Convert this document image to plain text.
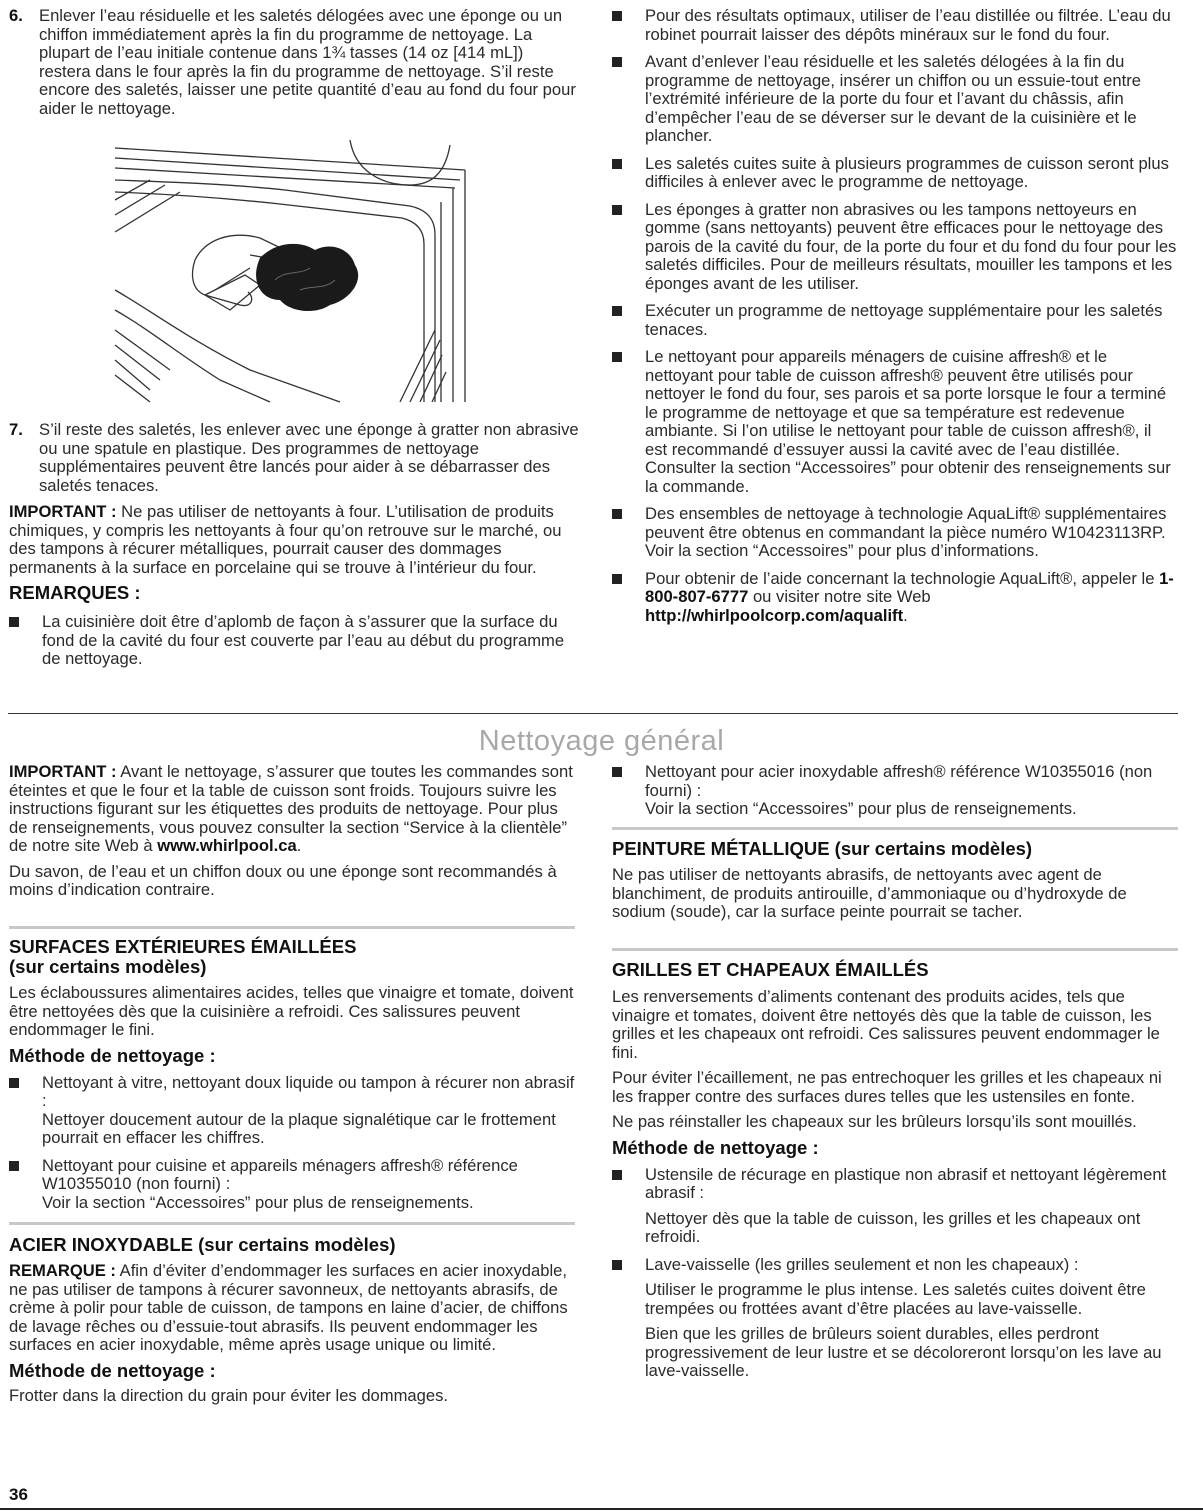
6. Enlever l’eau résiduelle et les saletés délogées avec une éponge ou un chiffon immédiatement après la fin du programme de nettoyage. La plupart de l’eau initiale contenue dans 1¾ tasses (14 oz [414 mL]) restera dans le four après la fin du programme de nettoyage. S’il reste encore des saletés, laisser une petite quantité d’eau au fond du four pour aider le nettoyage.

7. S’il reste des saletés, les enlever avec une éponge à gratter non abrasive ou une spatule en plastique. Des programmes de nettoyage supplémentaires peuvent être lancés pour aider à se débarrasser des saletés tenaces.

IMPORTANT : Ne pas utiliser de nettoyants à four. L’utilisation de produits chimiques, y compris les nettoyants à four qu’on retrouve sur le marché, ou des tampons à récurer métalliques, pourrait causer des dommages permanents à la surface en porcelaine qui se trouve à l’intérieur du four.

REMARQUES :

La cuisinière doit être d’aplomb de façon à s’assurer que la surface du fond de la cavité du four est couverte par l’eau au début du programme de nettoyage.

Pour des résultats optimaux, utiliser de l’eau distillée ou filtrée. L’eau du robinet pourrait laisser des dépôts minéraux sur le fond du four.

Avant d’enlever l’eau résiduelle et les saletés délogées à la fin du programme de nettoyage, insérer un chiffon ou un essuie-tout entre l’extrémité inférieure de la porte du four et l’avant du châssis, afin d’empêcher l’eau de se déverser sur le devant de la cuisinière et le plancher.

Les saletés cuites suite à plusieurs programmes de cuisson seront plus difficiles à enlever avec le programme de nettoyage.

Les éponges à gratter non abrasives ou les tampons nettoyeurs en gomme (sans nettoyants) peuvent être efficaces pour le nettoyage des parois de la cavité du four, de la porte du four et du fond du four pour les saletés difficiles. Pour de meilleurs résultats, mouiller les tampons et les éponges avant de les utiliser.

Exécuter un programme de nettoyage supplémentaire pour les saletés tenaces.

Le nettoyant pour appareils ménagers de cuisine affresh® et le nettoyant pour table de cuisson affresh® peuvent être utilisés pour nettoyer le fond du four, ses parois et sa porte lorsque le four a terminé le programme de nettoyage et que sa température est redevenue ambiante. Si l’on utilise le nettoyant pour table de cuisson affresh®, il est recommandé d’essuyer aussi la cavité avec de l’eau distillée. Consulter la section “Accessoires” pour obtenir des renseignements sur la commande.

Des ensembles de nettoyage à technologie AquaLift® supplémentaires peuvent être obtenus en commandant la pièce numéro W10423113RP. Voir la section “Accessoires” pour plus d’informations.

Pour obtenir de l’aide concernant la technologie AquaLift®, appeler le 1-800-807-6777 ou visiter notre site Web http://whirlpoolcorp.com/aqualift.

Nettoyage général

IMPORTANT : Avant le nettoyage, s’assurer que toutes les commandes sont éteintes et que le four et la table de cuisson sont froids. Toujours suivre les instructions figurant sur les étiquettes des produits de nettoyage. Pour plus de renseignements, vous pouvez consulter la section “Service à la clientèle” de notre site Web à www.whirlpool.ca.

Du savon, de l’eau et un chiffon doux ou une éponge sont recommandés à moins d’indication contraire.

SURFACES EXTÉRIEURES ÉMAILLÉES

(sur certains modèles)

Les éclaboussures alimentaires acides, telles que vinaigre et tomate, doivent être nettoyées dès que la cuisinière a refroidi. Ces salissures peuvent endommager le fini.

Méthode de nettoyage :

Nettoyant à vitre, nettoyant doux liquide ou tampon à récurer non abrasif :

Nettoyer doucement autour de la plaque signalétique car le frottement pourrait en effacer les chiffres.

Nettoyant pour cuisine et appareils ménagers affresh® référence W10355010 (non fourni) :

Voir la section “Accessoires” pour plus de renseignements.

ACIER INOXYDABLE (sur certains modèles)

REMARQUE : Afin d’éviter d’endommager les surfaces en acier inoxydable, ne pas utiliser de tampons à récurer savonneux, de nettoyants abrasifs, de crème à polir pour table de cuisson, de tampons en laine d’acier, de chiffons de lavage rêches ou d’essuie-tout abrasifs. Ils peuvent endommager les surfaces en acier inoxydable, même après usage unique ou limité.

Méthode de nettoyage :

Frotter dans la direction du grain pour éviter les dommages.

Nettoyant pour acier inoxydable affresh® référence W10355016 (non fourni) :

Voir la section “Accessoires” pour plus de renseignements.

PEINTURE MÉTALLIQUE (sur certains modèles)

Ne pas utiliser de nettoyants abrasifs, de nettoyants avec agent de blanchiment, de produits antirouille, d’ammoniaque ou d’hydroxyde de sodium (soude), car la surface peinte pourrait se tacher.

GRILLES ET CHAPEAUX ÉMAILLÉS

Les renversements d’aliments contenant des produits acides, tels que vinaigre et tomates, doivent être nettoyés dès que la table de cuisson, les grilles et les chapeaux ont refroidi. Ces salissures peuvent endommager le fini.

Pour éviter l’écaillement, ne pas entrechoquer les grilles et les chapeaux ni les frapper contre des surfaces dures telles que les ustensiles en fonte.

Ne pas réinstaller les chapeaux sur les brûleurs lorsqu’ils sont mouillés.

Méthode de nettoyage :

Ustensile de récurage en plastique non abrasif et nettoyant légèrement abrasif :

Nettoyer dès que la table de cuisson, les grilles et les chapeaux ont refroidi.

Lave-vaisselle (les grilles seulement et non les chapeaux) :

Utiliser le programme le plus intense. Les saletés cuites doivent être trempées ou frottées avant d’être placées au lave-vaisselle.

Bien que les grilles de brûleurs soient durables, elles perdront progressivement de leur lustre et se décoloreront lorsqu’on les lave au lave-vaisselle.

36
